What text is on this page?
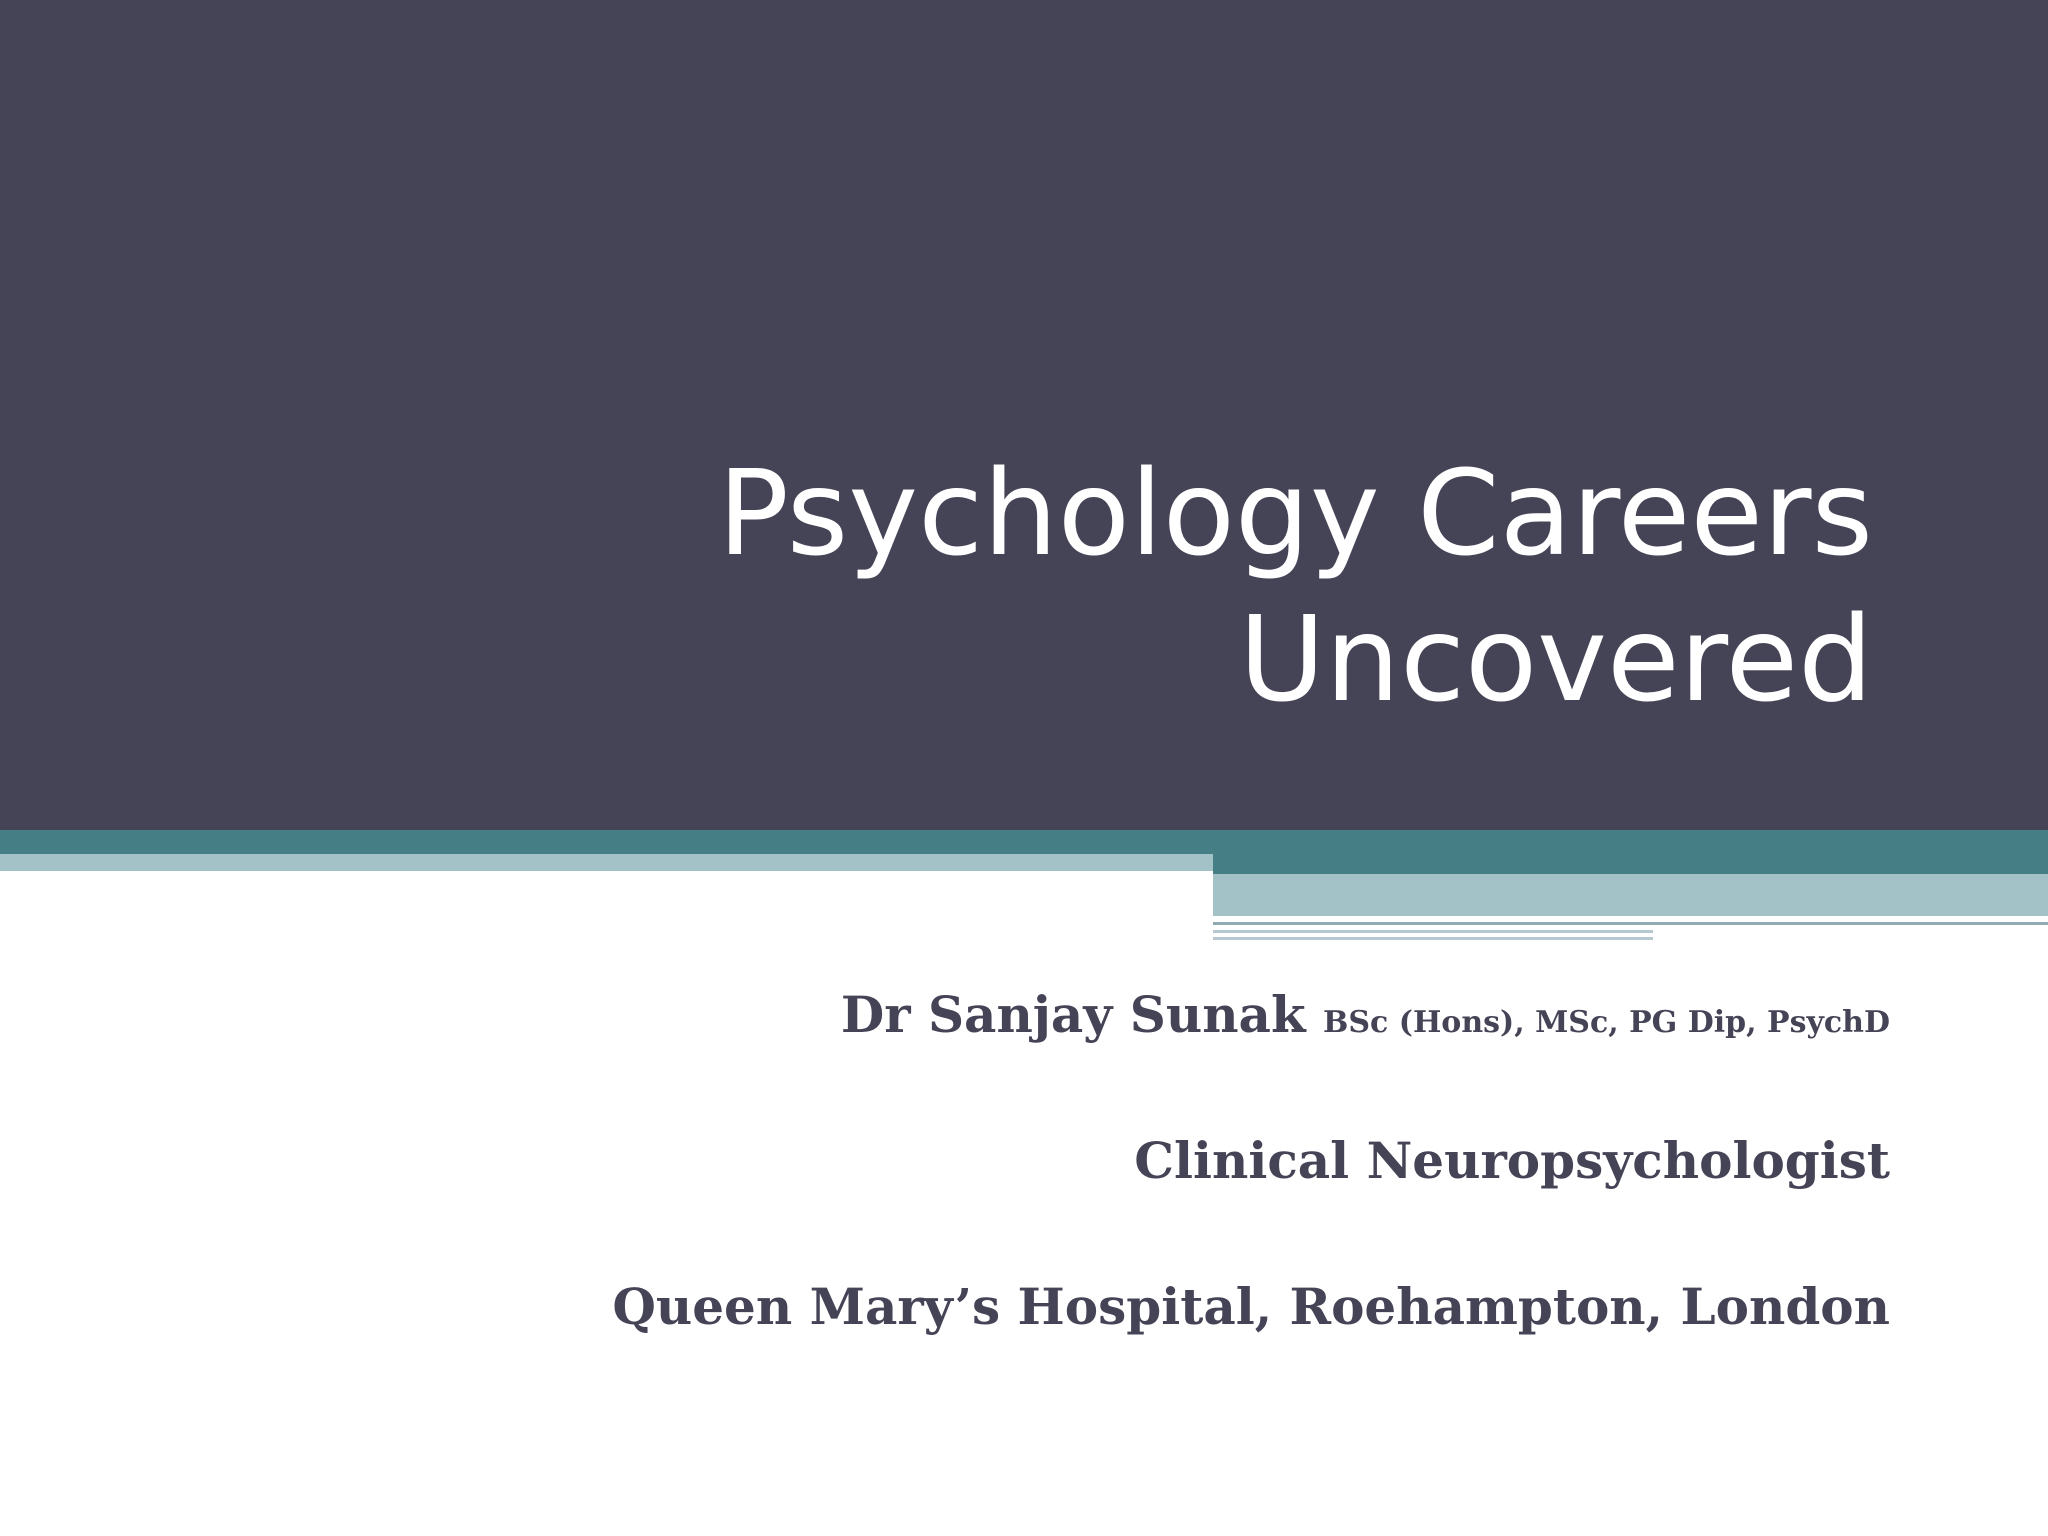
Psychology Careers
Uncovered
Dr Sanjay Sunak BSc (Hons), MSc, PG Dip, PsychD
Clinical Neuropsychologist
Queen Mary’s Hospital, Roehampton, London
